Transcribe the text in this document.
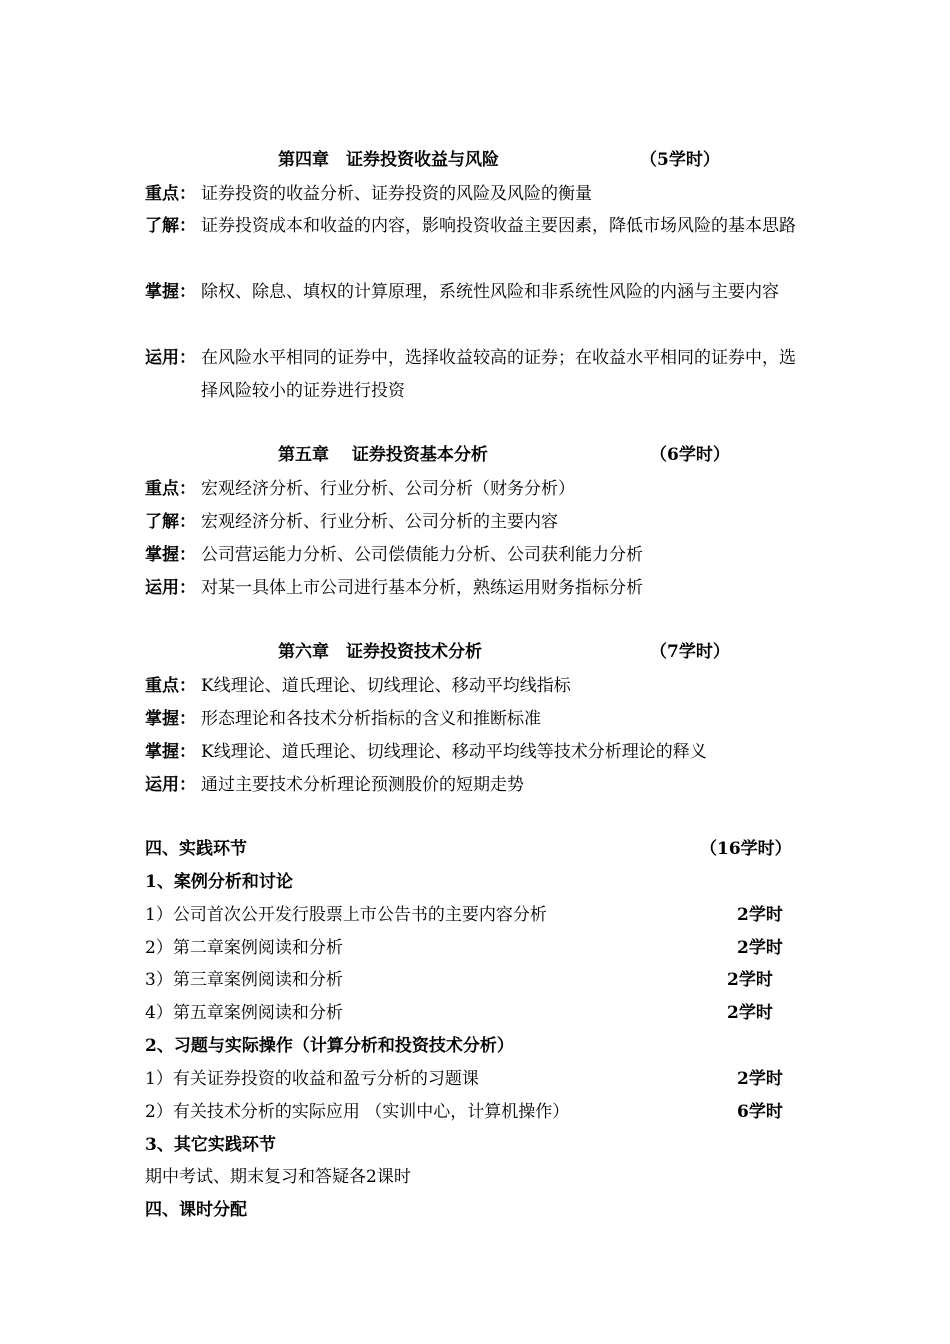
第四章　证券投资收益与风险	（5学时）
重点： 证券投资的收益分析、证券投资的风险及风险的衡量
了解： 证券投资成本和收益的内容，影响投资收益主要因素，降低市场风险的基本思路
掌握： 除权、除息、填权的计算原理，系统性风险和非系统性风险的内涵与主要内容
运用： 在风险水平相同的证券中，选择收益较高的证券；在收益水平相同的证券中，选择风险较小的证券进行投资
第五章　 证券投资基本分析	（6学时）
重点： 宏观经济分析、行业分析、公司分析（财务分析）
了解： 宏观经济分析、行业分析、公司分析的主要内容
掌握： 公司营运能力分析、公司偿债能力分析、公司获利能力分析
运用： 对某一具体上市公司进行基本分析，熟练运用财务指标分析
第六章　证券投资技术分析	（7学时）
重点： K线理论、道氏理论、切线理论、移动平均线指标
掌握： 形态理论和各技术分析指标的含义和推断标准
掌握： K线理论、道氏理论、切线理论、移动平均线等技术分析理论的释义
运用： 通过主要技术分析理论预测股价的短期走势
四、实践环节	（16学时）
1、案例分析和讨论
1）公司首次公开发行股票上市公告书的主要内容分析	2学时
2）第二章案例阅读和分析	2学时
3）第三章案例阅读和分析	2学时
4）第五章案例阅读和分析	2学时
2、习题与实际操作（计算分析和投资技术分析）
1）有关证券投资的收益和盈亏分析的习题课	2学时
2）有关技术分析的实际应用 （实训中心，计算机操作）	6学时
3、其它实践环节
期中考试、期末复习和答疑各2课时
四、课时分配
